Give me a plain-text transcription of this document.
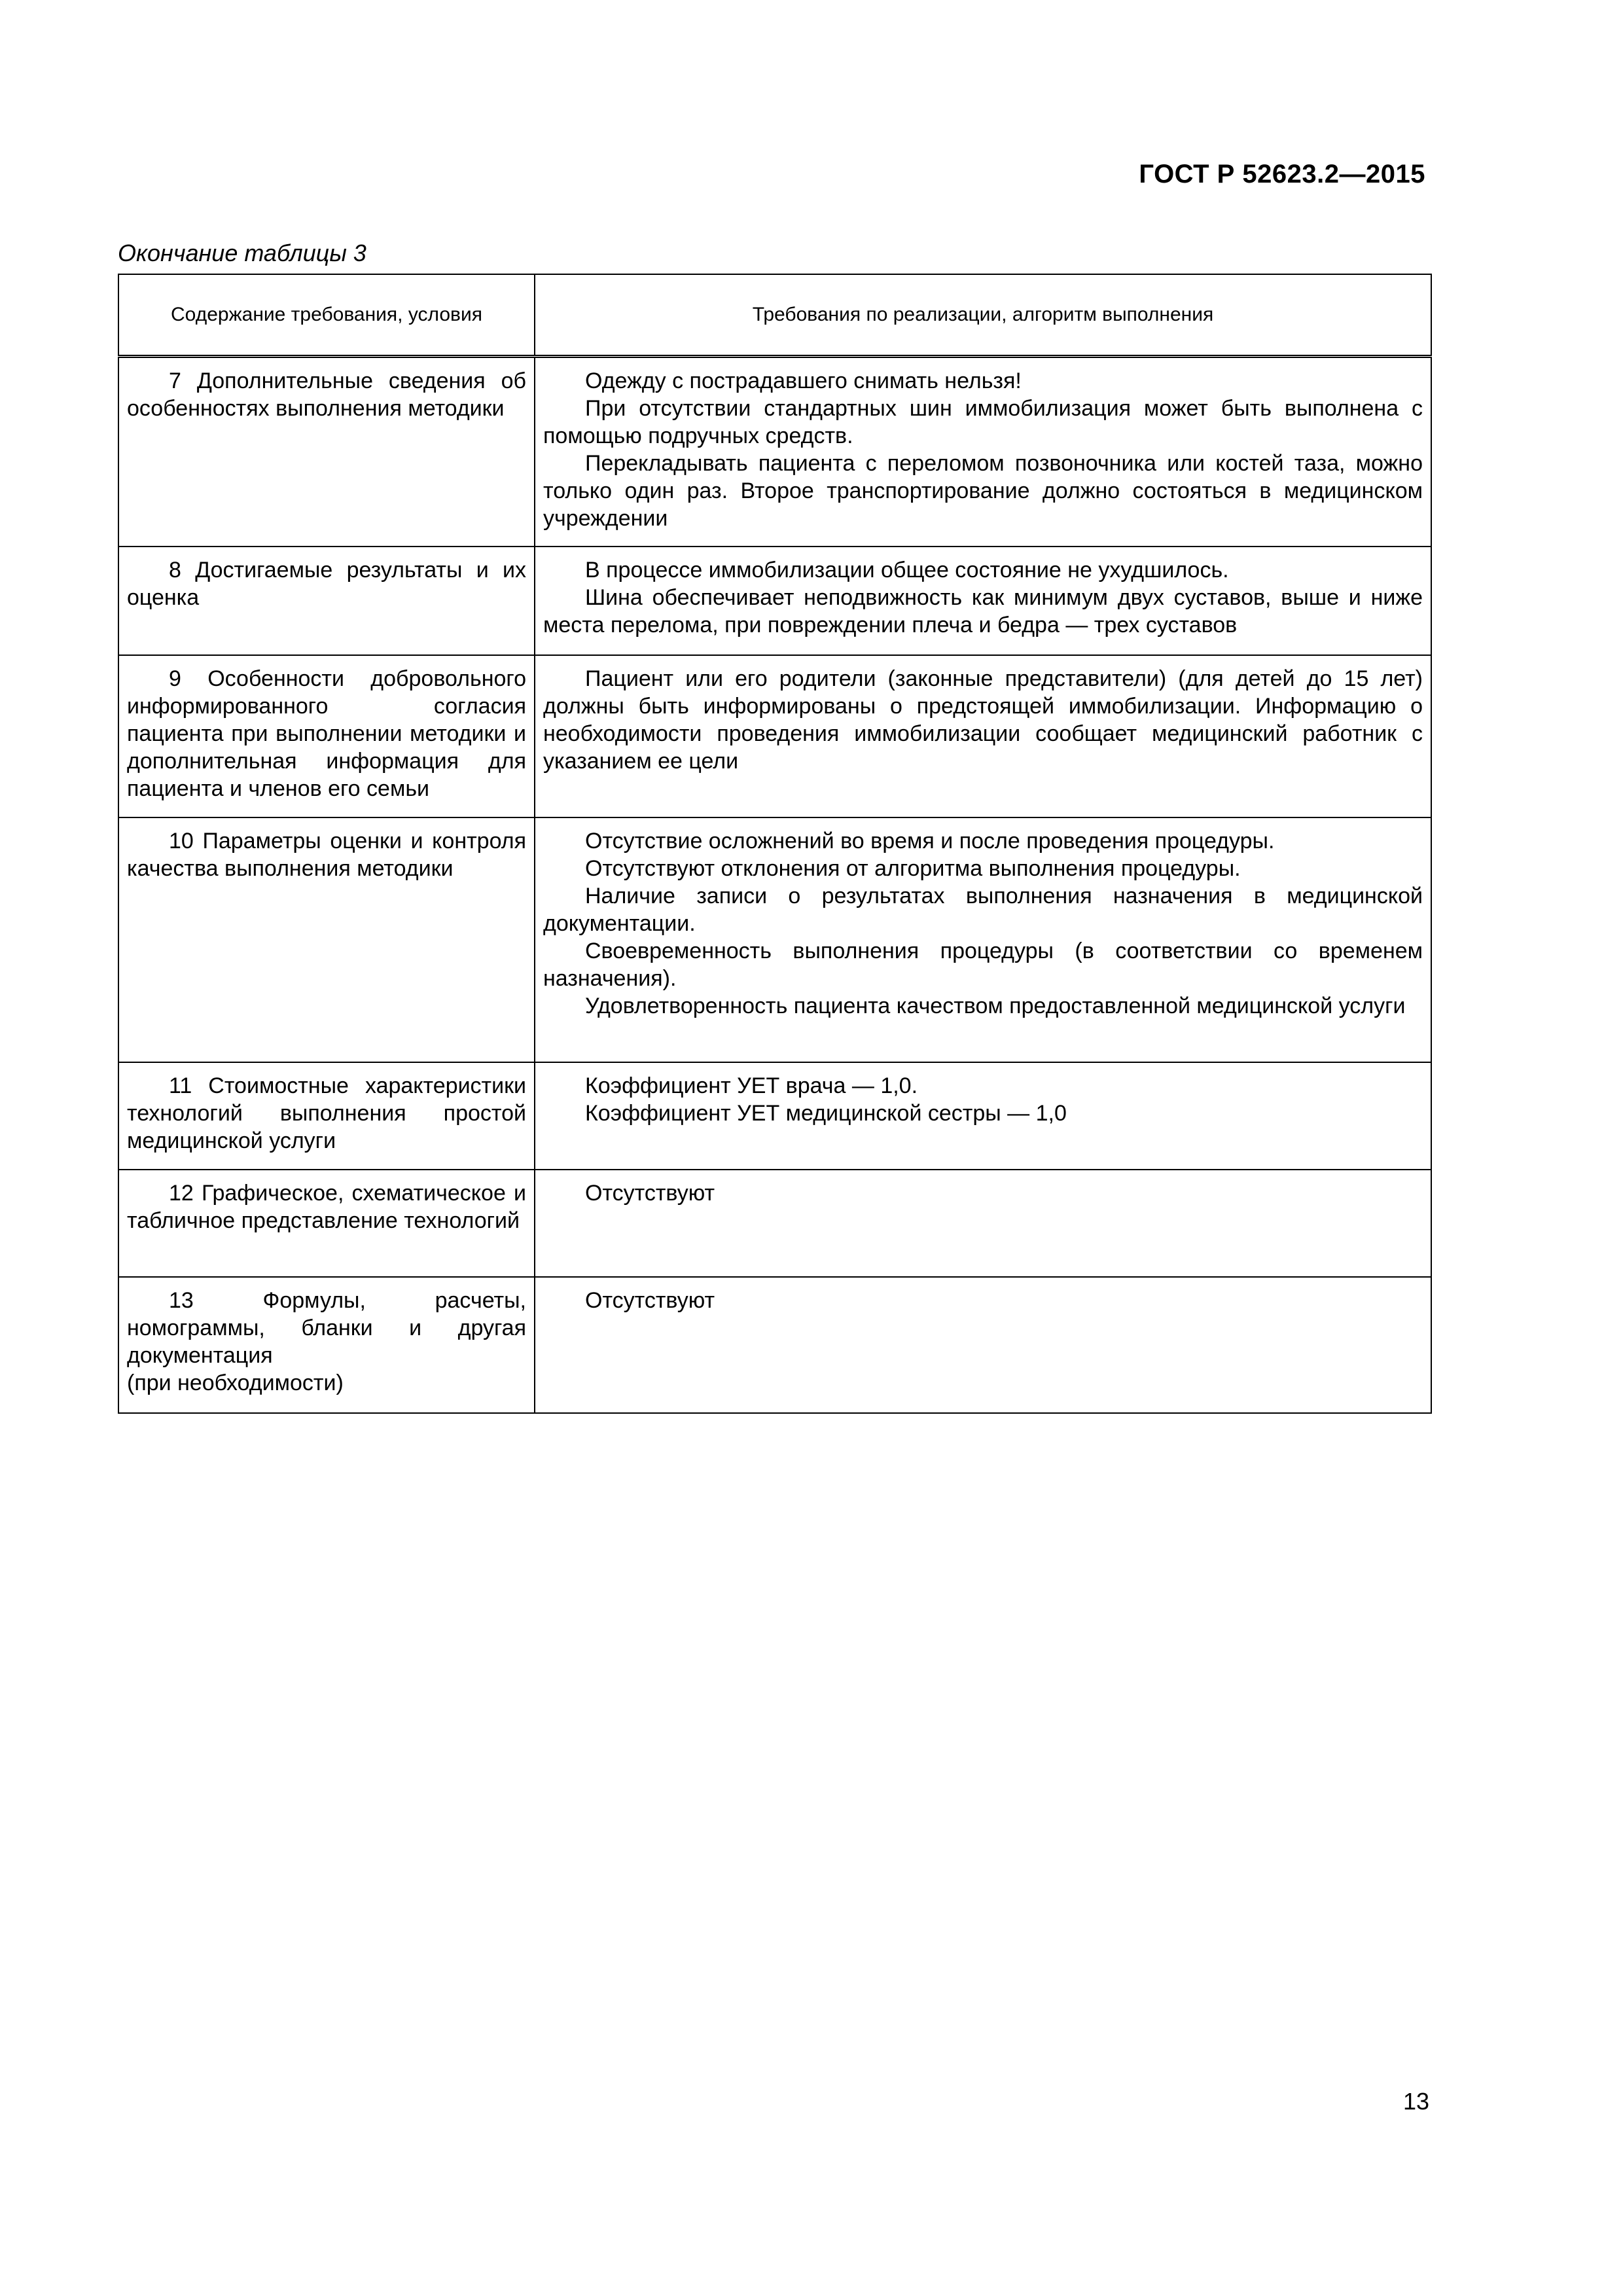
ГОСТ Р 52623.2—2015
Окончание таблицы 3
Содержание требования, условия	Требования по реализации, алгоритм выполнения

7 Дополнительные сведения об особенностях выполнения методики	Одежду с пострадавшего снимать нельзя!

При отсутствии стандартных шин иммобилизация может быть выполнена с помощью подручных средств.

Перекладывать пациента с переломом позвоночника или костей таза, можно только один раз. Второе транспортирование должно состояться в медицинском учреждении

8 Достигаемые результаты и их оценка	В процессе иммобилизации общее состояние не ухудшилось.

Шина обеспечивает неподвижность как минимум двух суставов, выше и ниже места перелома, при повреждении плеча и бедра — трех суставов

9 Особенности добровольного информированного согласия пациента при выполнении методики и дополнительная информация для пациента и членов его семьи	Пациент или его родители (законные представители) (для детей до 15 лет) должны быть информированы о предстоящей иммобилизации. Информацию о необходимости проведения иммобилизации сообщает медицинский работник с указанием ее цели

10 Параметры оценки и контроля качества выполнения методики	Отсутствие осложнений во время и после проведения процедуры.

Отсутствуют отклонения от алгоритма выполнения процедуры.

Наличие записи о результатах выполнения назначения в медицинской документации.

Своевременность выполнения процедуры (в соответствии со временем назначения).

Удовлетворенность пациента качеством предоставленной медицинской услуги

11 Стоимостные характеристики технологий выполнения простой медицинской услуги	Коэффициент УЕТ врача — 1,0.

Коэффициент УЕТ медицинской сестры — 1,0

12 Графическое, схематическое и табличное представление технологий	Отсутствуют

13 Формулы, расчеты, номограммы, бланки и другая документация

(при необходимости)	Отсутствуют

13
